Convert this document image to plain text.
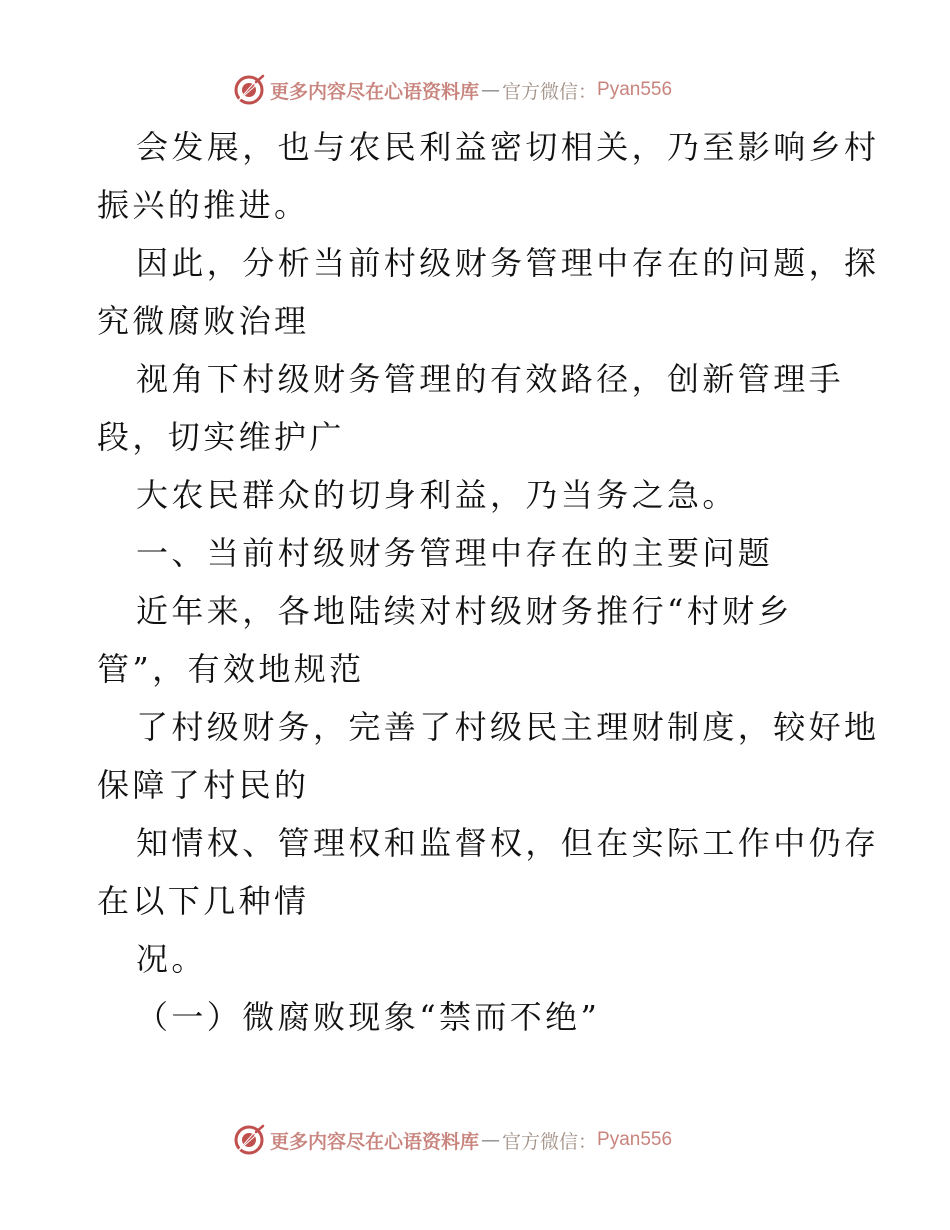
更多内容尽在心语资料库 — 官方微信： Pyan556
会发展，也与农民利益密切相关，乃至影响乡村
振兴的推进。
因此，分析当前村级财务管理中存在的问题，探
究微腐败治理
视角下村级财务管理的有效路径，创新管理手
段，切实维护广
大农民群众的切身利益，乃当务之急。
一、当前村级财务管理中存在的主要问题
近年来，各地陆续对村级财务推行“村财乡
管”，有效地规范
了村级财务，完善了村级民主理财制度，较好地
保障了村民的
知情权、管理权和监督权，但在实际工作中仍存
在以下几种情
况。
（一）微腐败现象“禁而不绝”
更多内容尽在心语资料库 — 官方微信： Pyan556
